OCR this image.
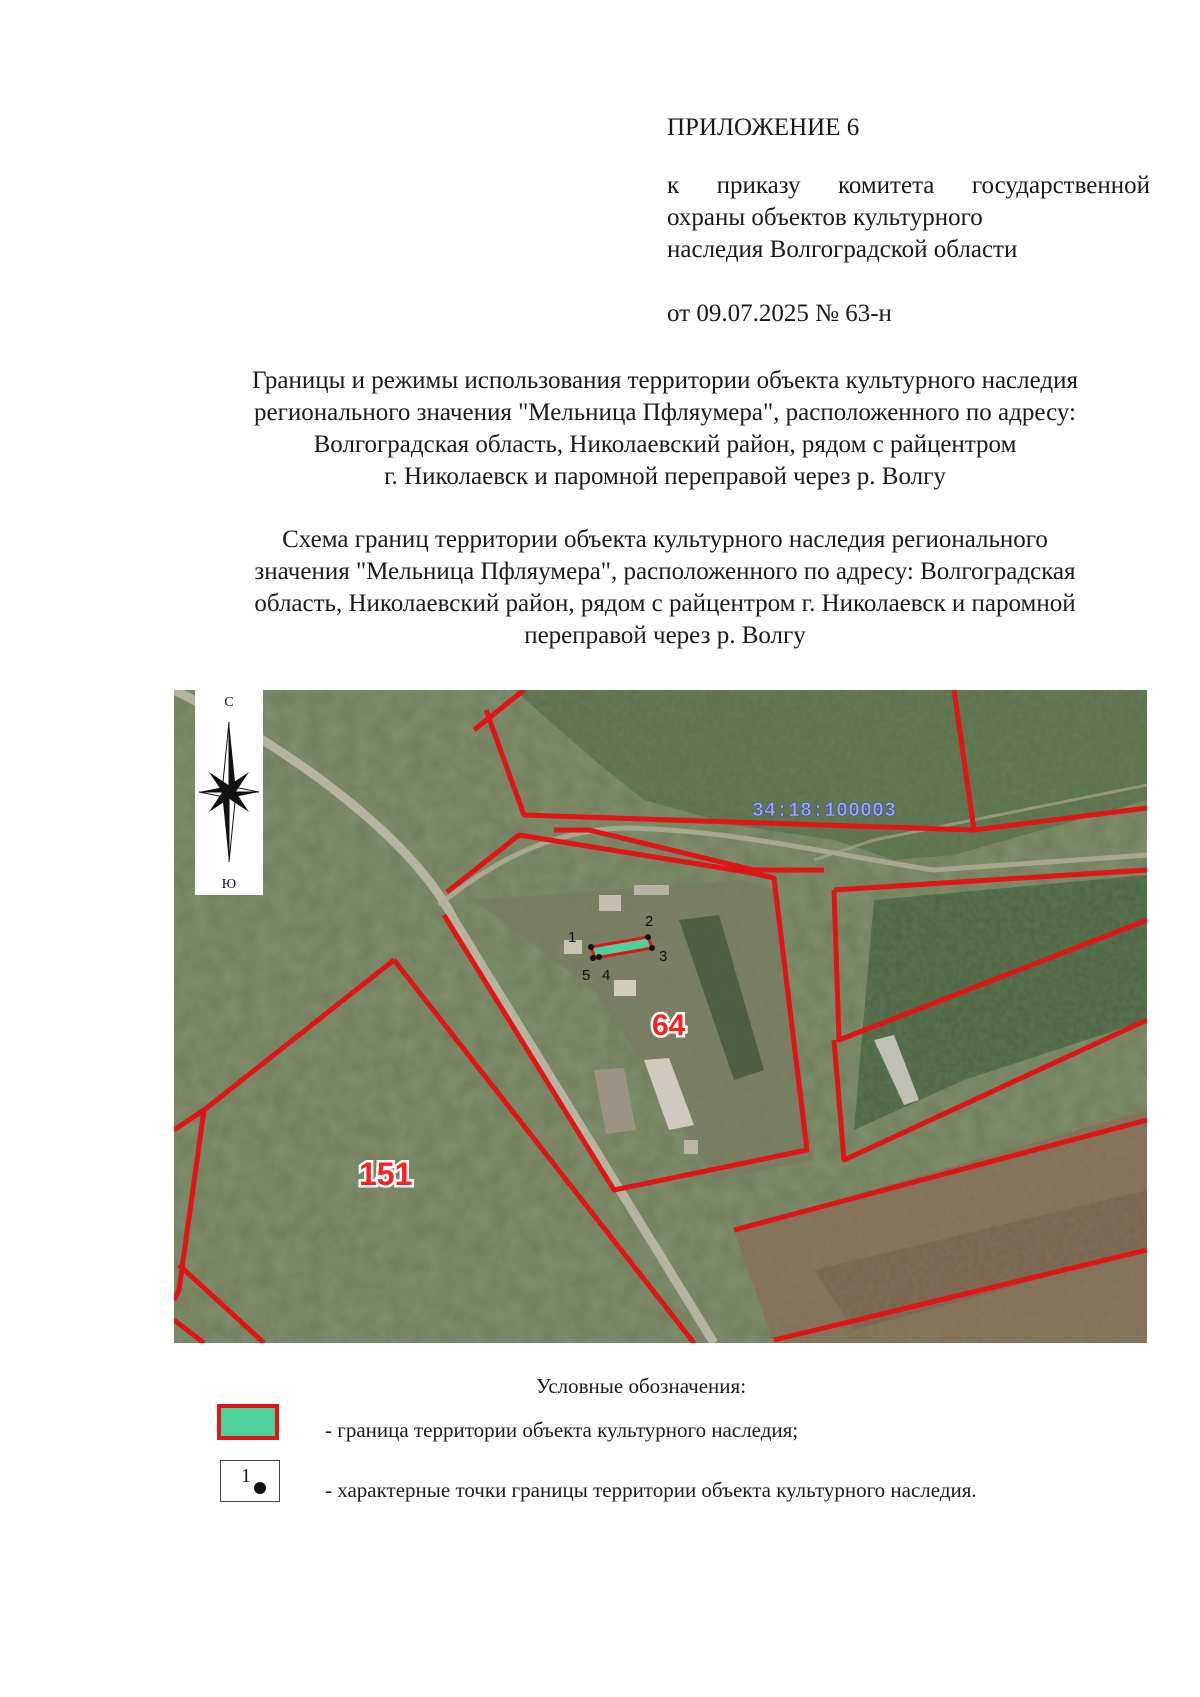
ПРИЛОЖЕНИЕ 6
к приказу комитета государственной
охраны объектов культурного
наследия Волгоградской области
от 09.07.2025 № 63-н
Границы и режимы использования территории объекта культурного наследия
регионального значения "Мельница Пфляумера", расположенного по адресу:
Волгоградская область, Николаевский район, рядом с райцентром
г. Николаевск и паромной переправой через р. Волгу
Схема границ территории объекта культурного наследия регионального
значения "Мельница Пфляумера", расположенного по адресу: Волгоградская
область, Николаевский район, рядом с райцентром г. Николаевск и паромной
переправой через р. Волгу
1
2
3
4
5
34:18:100003
64
151
С
Ю
Условные обозначения:
- граница территории объекта культурного наследия;
1
- характерные точки границы территории объекта культурного наследия.
